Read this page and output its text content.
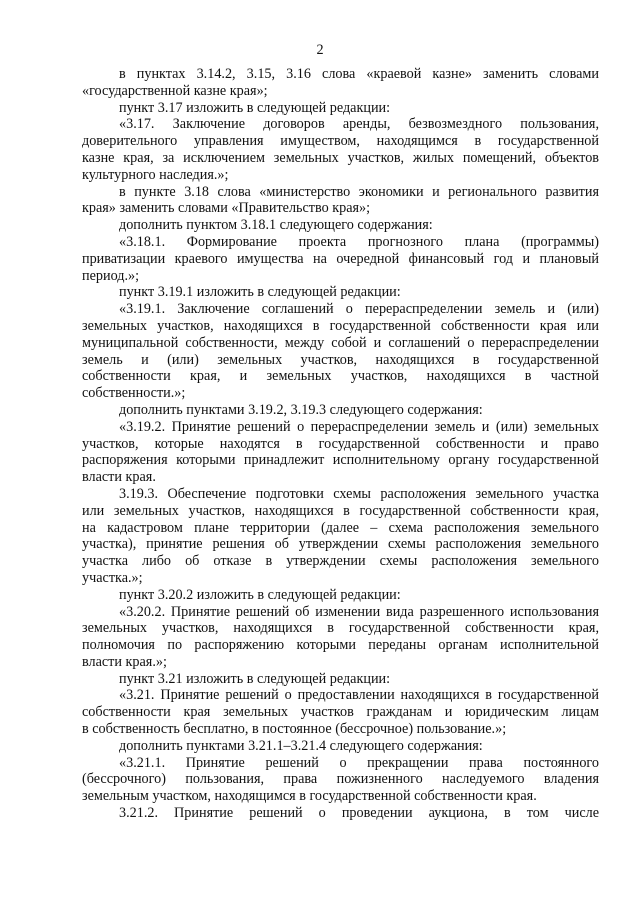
2
в пунктах 3.14.2, 3.15, 3.16 слова «краевой казне» заменить словами
«государственной казне края»;
пункт 3.17 изложить в следующей редакции:
«3.17. Заключение договоров аренды, безвозмездного пользования,
доверительного управления имуществом, находящимся в государственной
казне края, за исключением земельных участков, жилых помещений, объектов
культурного наследия.»;
в пункте 3.18 слова «министерство экономики и регионального развития
края» заменить словами «Правительство края»;
дополнить пунктом 3.18.1 следующего содержания:
«3.18.1. Формирование проекта прогнозного плана (программы)
приватизации краевого имущества на очередной финансовый год и плановый
период.»;
пункт 3.19.1 изложить в следующей редакции:
«3.19.1. Заключение соглашений о перераспределении земель и (или)
земельных участков, находящихся в государственной собственности края или
муниципальной собственности, между собой и соглашений о перераспределении
земель и (или) земельных участков, находящихся в государственной
собственности края, и земельных участков, находящихся в частной
собственности.»;
дополнить пунктами 3.19.2, 3.19.3 следующего содержания:
«3.19.2. Принятие решений о перераспределении земель и (или) земельных
участков, которые находятся в государственной собственности и право
распоряжения которыми принадлежит исполнительному органу государственной
власти края.
3.19.3. Обеспечение подготовки схемы расположения земельного участка
или земельных участков, находящихся в государственной собственности края,
на кадастровом плане территории (далее – схема расположения земельного
участка), принятие решения об утверждении схемы расположения земельного
участка либо об отказе в утверждении схемы расположения земельного
участка.»;
пункт 3.20.2 изложить в следующей редакции:
«3.20.2. Принятие решений об изменении вида разрешенного использования
земельных участков, находящихся в государственной собственности края,
полномочия по распоряжению которыми переданы органам исполнительной
власти края.»;
пункт 3.21 изложить в следующей редакции:
«3.21. Принятие решений о предоставлении находящихся в государственной
собственности края земельных участков гражданам и юридическим лицам
в собственность бесплатно, в постоянное (бессрочное) пользование.»;
дополнить пунктами 3.21.1–3.21.4 следующего содержания:
«3.21.1. Принятие решений о прекращении права постоянного
(бессрочного) пользования, права пожизненного наследуемого владения
земельным участком, находящимся в государственной собственности края.
3.21.2. Принятие решений о проведении аукциона, в том числе
